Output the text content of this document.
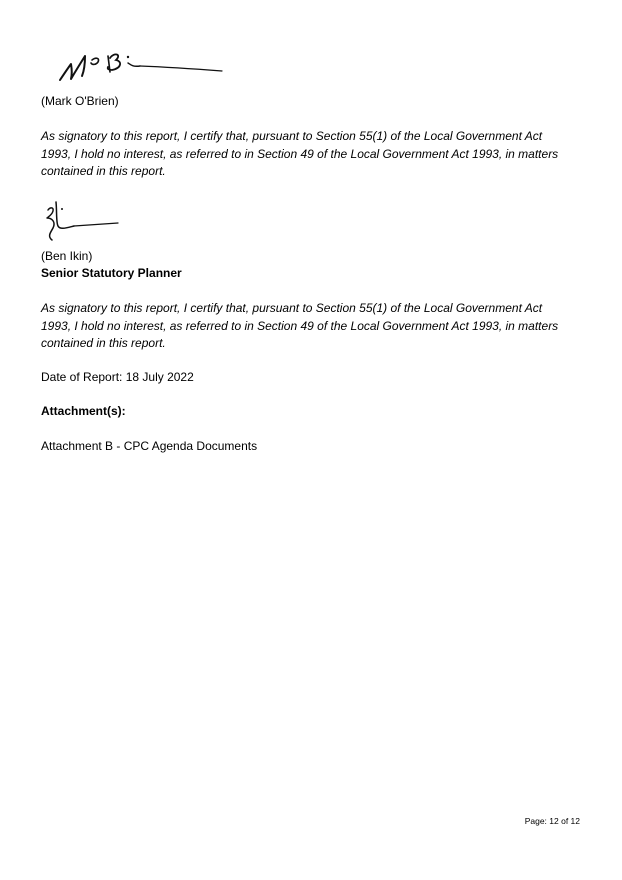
(Mark O'Brien)
As signatory to this report, I certify that, pursuant to Section 55(1) of the Local Government Act
1993, I hold no interest, as referred to in Section 49 of the Local Government Act 1993, in matters
contained in this report.
(Ben Ikin)
Senior Statutory Planner
As signatory to this report, I certify that, pursuant to Section 55(1) of the Local Government Act
1993, I hold no interest, as referred to in Section 49 of the Local Government Act 1993, in matters
contained in this report.
Date of Report: 18 July 2022
Attachment(s):
Attachment B - CPC Agenda Documents
Page: 12 of 12
